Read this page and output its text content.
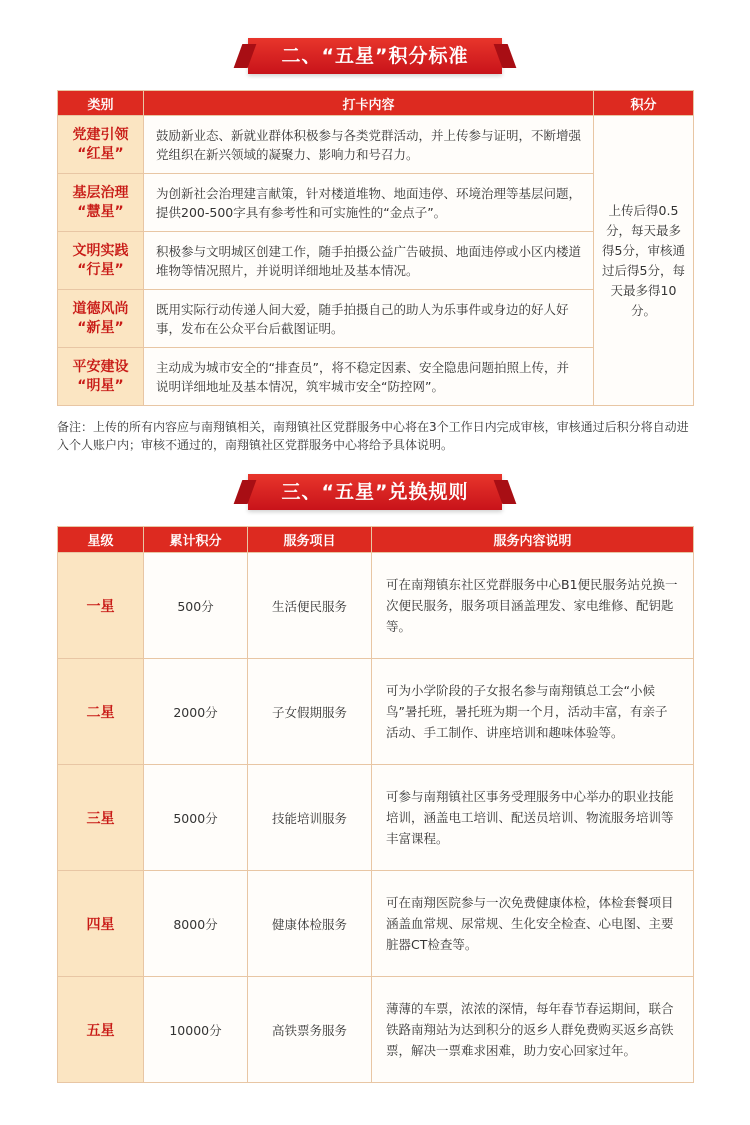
二、“五星”积分标准
类别	打卡内容	积分
党建引领
“红星”	鼓励新业态、新就业群体积极参与各类党群活动，并上传参与证明，不断增强党组织在新兴领域的凝聚力、影响力和号召力。	上传后得0.5分，每天最多得5分，审核通过后得5分，每天最多得10分。
基层治理
“慧星”	为创新社会治理建言献策，针对楼道堆物、地面违停、环境治理等基层问题，提供200-500字具有参考性和可实施性的“金点子”。	
文明实践
“行星”	积极参与文明城区创建工作，随手拍摄公益广告破损、地面违停或小区内楼道堆物等情况照片，并说明详细地址及基本情况。	
道德风尚
“新星”	既用实际行动传递人间大爱，随手拍摄自己的助人为乐事件或身边的好人好事，发布在公众平台后截图证明。	
平安建设
“明星”	主动成为城市安全的“排查员”，将不稳定因素、安全隐患问题拍照上传，并说明详细地址及基本情况，筑牢城市安全“防控网”。	
备注：上传的所有内容应与南翔镇相关，南翔镇社区党群服务中心将在3个工作日内完成审核，审核通过后积分将自动进入个人账户内；审核不通过的，南翔镇社区党群服务中心将给予具体说明。
三、“五星”兑换规则
星级	累计积分	服务项目	服务内容说明
一星	500分	生活便民服务	可在南翔镇东社区党群服务中心B1便民服务站兑换一次便民服务，服务项目涵盖理发、家电维修、配钥匙等。
二星	2000分	子女假期服务	可为小学阶段的子女报名参与南翔镇总工会“小候鸟”暑托班，暑托班为期一个月，活动丰富，有亲子活动、手工制作、讲座培训和趣味体验等。
三星	5000分	技能培训服务	可参与南翔镇社区事务受理服务中心举办的职业技能培训，涵盖电工培训、配送员培训、物流服务培训等丰富课程。
四星	8000分	健康体检服务	可在南翔医院参与一次免费健康体检，体检套餐项目涵盖血常规、尿常规、生化安全检查、心电图、主要脏器CT检查等。
五星	10000分	高铁票务服务	薄薄的车票，浓浓的深情，每年春节春运期间，联合铁路南翔站为达到积分的返乡人群免费购买返乡高铁票，解决一票难求困难，助力安心回家过年。
